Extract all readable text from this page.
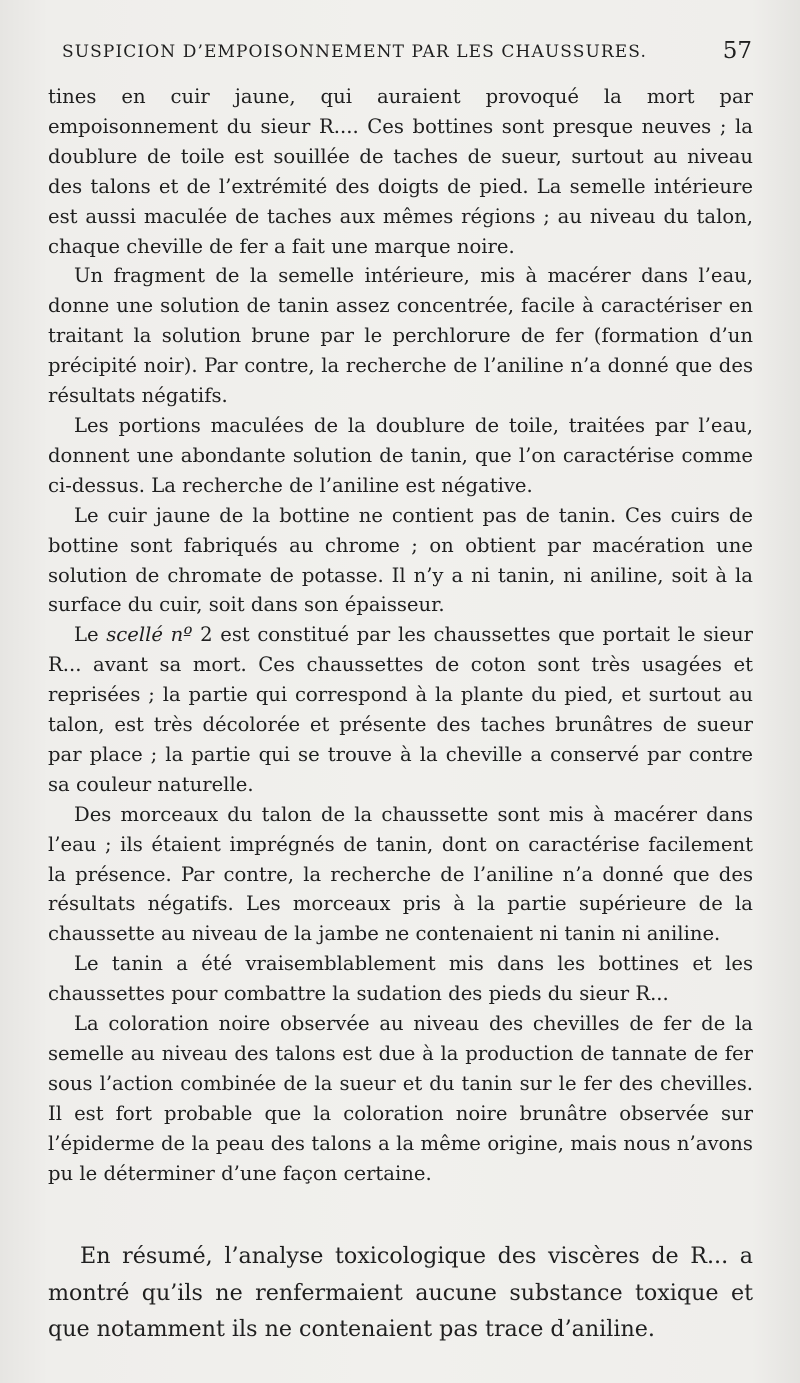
SUSPICION D’EMPOISONNEMENT PAR LES CHAUSSURES.	57

tines en cuir jaune, qui auraient provoqué la mort par empoisonnement du sieur R.... Ces bottines sont presque neuves ; la doublure de toile est souillée de taches de sueur, surtout au niveau des talons et de l’extrémité des doigts de pied. La semelle intérieure est aussi maculée de taches aux mêmes régions ; au niveau du talon, chaque cheville de fer a fait une marque noire.

Un fragment de la semelle intérieure, mis à macérer dans l’eau, donne une solution de tanin assez concentrée, facile à caractériser en traitant la solution brune par le perchlorure de fer (formation d’un précipité noir). Par contre, la recherche de l’aniline n’a donné que des résultats négatifs.

Les portions maculées de la doublure de toile, traitées par l’eau, donnent une abondante solution de tanin, que l’on caractérise comme ci-dessus. La recherche de l’aniline est négative.

Le cuir jaune de la bottine ne contient pas de tanin. Ces cuirs de bottine sont fabriqués au chrome ; on obtient par macération une solution de chromate de potasse. Il n’y a ni tanin, ni aniline, soit à la surface du cuir, soit dans son épaisseur.

Le scellé nº 2 est constitué par les chaussettes que portait le sieur R... avant sa mort. Ces chaussettes de coton sont très usagées et reprisées ; la partie qui correspond à la plante du pied, et surtout au talon, est très décolorée et présente des taches brunâtres de sueur par place ; la partie qui se trouve à la cheville a conservé par contre sa couleur naturelle.

Des morceaux du talon de la chaussette sont mis à macérer dans l’eau ; ils étaient imprégnés de tanin, dont on caractérise facilement la présence. Par contre, la recherche de l’aniline n’a donné que des résultats négatifs. Les morceaux pris à la partie supérieure de la chaussette au niveau de la jambe ne contenaient ni tanin ni aniline.

Le tanin a été vraisemblablement mis dans les bottines et les chaussettes pour combattre la sudation des pieds du sieur R...

La coloration noire observée au niveau des chevilles de fer de la semelle au niveau des talons est due à la production de tannate de fer sous l’action combinée de la sueur et du tanin sur le fer des chevilles. Il est fort probable que la coloration noire brunâtre observée sur l’épiderme de la peau des talons a la même origine, mais nous n’avons pu le déterminer d’une façon certaine.

En résumé, l’analyse toxicologique des viscères de R... a montré qu’ils ne renfermaient aucune substance toxique et que notamment ils ne contenaient pas trace d’aniline.
